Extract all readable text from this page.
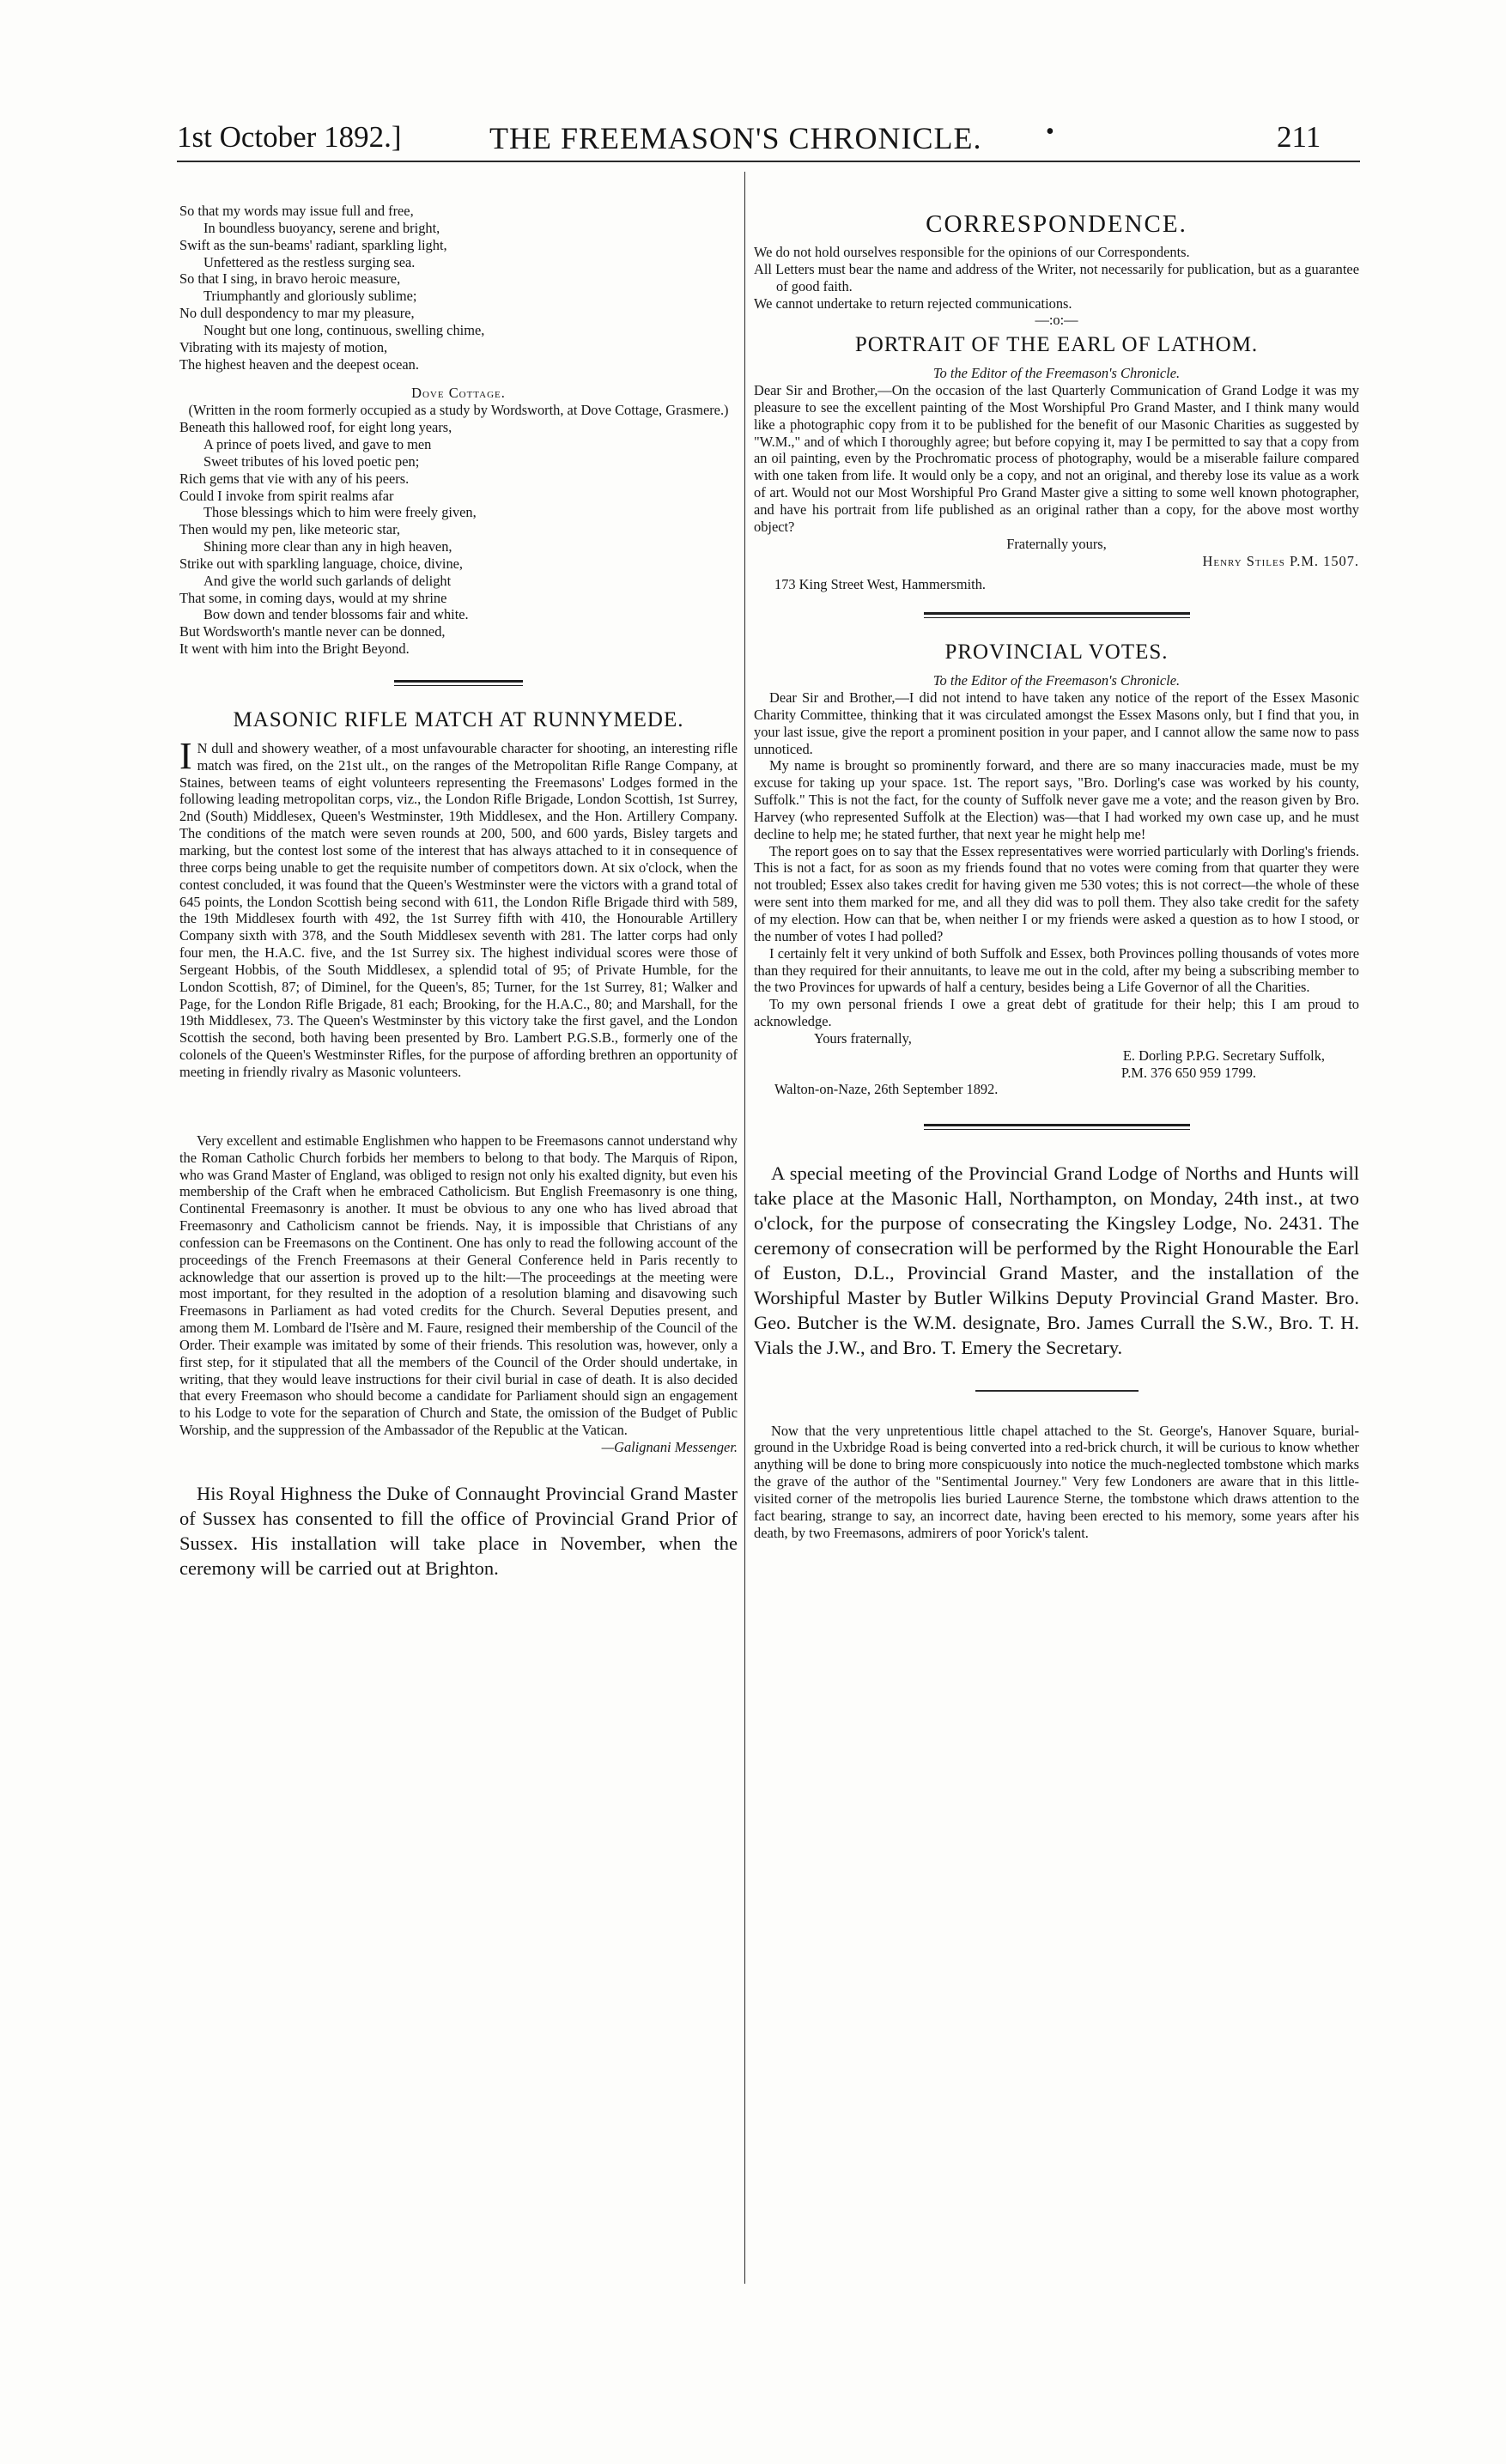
1st October 1892.]	THE FREEMASON'S CHRONICLE.	•	211

So that my words may issue full and free,

In boundless buoyancy, serene and bright,

Swift as the sun-beams' radiant, sparkling light,

Unfettered as the restless surging sea.

So that I sing, in bravo heroic measure,

Triumphantly and gloriously sublime;

No dull despondency to mar my pleasure,

Nought but one long, continuous, swelling chime,

Vibrating with its majesty of motion,

The highest heaven and the deepest ocean.

Dove Cottage.

(Written in the room formerly occupied as a study by Wordsworth, at Dove Cottage, Grasmere.)

Beneath this hallowed roof, for eight long years,

A prince of poets lived, and gave to men

Sweet tributes of his loved poetic pen;

Rich gems that vie with any of his peers.

Could I invoke from spirit realms afar

Those blessings which to him were freely given,

Then would my pen, like meteoric star,

Shining more clear than any in high heaven,

Strike out with sparkling language, choice, divine,

And give the world such garlands of delight

That some, in coming days, would at my shrine

Bow down and tender blossoms fair and white.

But Wordsworth's mantle never can be donned,

It went with him into the Bright Beyond.

MASONIC RIFLE MATCH AT RUNNYMEDE.

IN dull and showery weather, of a most unfavourable character for shooting, an interesting rifle match was fired, on the 21st ult., on the ranges of the Metropolitan Rifle Range Company, at Staines, between teams of eight volunteers representing the Freemasons' Lodges formed in the following leading metropolitan corps, viz., the London Rifle Brigade, London Scottish, 1st Surrey, 2nd (South) Middlesex, Queen's Westminster, 19th Middlesex, and the Hon. Artillery Company. The conditions of the match were seven rounds at 200, 500, and 600 yards, Bisley targets and marking, but the contest lost some of the interest that has always attached to it in consequence of three corps being unable to get the requisite number of competitors down. At six o'clock, when the contest concluded, it was found that the Queen's Westminster were the victors with a grand total of 645 points, the London Scottish being second with 611, the London Rifle Brigade third with 589, the 19th Middlesex fourth with 492, the 1st Surrey fifth with 410, the Honourable Artillery Company sixth with 378, and the South Middlesex seventh with 281. The latter corps had only four men, the H.A.C. five, and the 1st Surrey six. The highest individual scores were those of Sergeant Hobbis, of the South Middlesex, a splendid total of 95; of Private Humble, for the London Scottish, 87; of Diminel, for the Queen's, 85; Turner, for the 1st Surrey, 81; Walker and Page, for the London Rifle Brigade, 81 each; Brooking, for the H.A.C., 80; and Marshall, for the 19th Middlesex, 73. The Queen's Westminster by this victory take the first gavel, and the London Scottish the second, both having been presented by Bro. Lambert P.G.S.B., formerly one of the colonels of the Queen's Westminster Rifles, for the purpose of affording brethren an opportunity of meeting in friendly rivalry as Masonic volunteers.

Very excellent and estimable Englishmen who happen to be Freemasons cannot understand why the Roman Catholic Church forbids her members to belong to that body. The Marquis of Ripon, who was Grand Master of England, was obliged to resign not only his exalted dignity, but even his membership of the Craft when he embraced Catholicism. But English Freemasonry is one thing, Continental Freemasonry is another. It must be obvious to any one who has lived abroad that Freemasonry and Catholicism cannot be friends. Nay, it is impossible that Christians of any confession can be Freemasons on the Continent. One has only to read the following account of the proceedings of the French Freemasons at their General Conference held in Paris recently to acknowledge that our assertion is proved up to the hilt:—The proceedings at the meeting were most important, for they resulted in the adoption of a resolution blaming and disavowing such Freemasons in Parliament as had voted credits for the Church. Several Deputies present, and among them M. Lombard de l'Isère and M. Faure, resigned their membership of the Council of the Order. Their example was imitated by some of their friends. This resolution was, however, only a first step, for it stipulated that all the members of the Council of the Order should undertake, in writing, that they would leave instructions for their civil burial in case of death. It is also decided that every Freemason who should become a candidate for Parliament should sign an engagement to his Lodge to vote for the separation of Church and State, the omission of the Budget of Public Worship, and the suppression of the Ambassador of the Republic at the Vatican.

—Galignani Messenger.

His Royal Highness the Duke of Connaught Provincial Grand Master of Sussex has consented to fill the office of Provincial Grand Prior of Sussex. His installation will take place in November, when the ceremony will be carried out at Brighton.

CORRESPONDENCE.

We do not hold ourselves responsible for the opinions of our Correspondents.

All Letters must bear the name and address of the Writer, not necessarily for publication, but as a guarantee of good faith.

We cannot undertake to return rejected communications.

—:o:—

PORTRAIT OF THE EARL OF LATHOM.

To the Editor of the Freemason's Chronicle.

Dear Sir and Brother,—On the occasion of the last Quarterly Communication of Grand Lodge it was my pleasure to see the excellent painting of the Most Worshipful Pro Grand Master, and I think many would like a photographic copy from it to be published for the benefit of our Masonic Charities as suggested by "W.M.," and of which I thoroughly agree; but before copying it, may I be permitted to say that a copy from an oil painting, even by the Prochromatic process of photography, would be a miserable failure compared with one taken from life. It would only be a copy, and not an original, and thereby lose its value as a work of art. Would not our Most Worshipful Pro Grand Master give a sitting to some well known photographer, and have his portrait from life published as an original rather than a copy, for the above most worthy object?

Fraternally yours,

Henry Stiles P.M. 1507.

173 King Street West, Hammersmith.

PROVINCIAL VOTES.

To the Editor of the Freemason's Chronicle.

Dear Sir and Brother,—I did not intend to have taken any notice of the report of the Essex Masonic Charity Committee, thinking that it was circulated amongst the Essex Masons only, but I find that you, in your last issue, give the report a prominent position in your paper, and I cannot allow the same now to pass unnoticed.

My name is brought so prominently forward, and there are so many inaccuracies made, must be my excuse for taking up your space. 1st. The report says, "Bro. Dorling's case was worked by his county, Suffolk." This is not the fact, for the county of Suffolk never gave me a vote; and the reason given by Bro. Harvey (who represented Suffolk at the Election) was—that I had worked my own case up, and he must decline to help me; he stated further, that next year he might help me!

The report goes on to say that the Essex representatives were worried particularly with Dorling's friends. This is not a fact, for as soon as my friends found that no votes were coming from that quarter they were not troubled; Essex also takes credit for having given me 530 votes; this is not correct—the whole of these were sent into them marked for me, and all they did was to poll them. They also take credit for the safety of my election. How can that be, when neither I or my friends were asked a question as to how I stood, or the number of votes I had polled?

I certainly felt it very unkind of both Suffolk and Essex, both Provinces polling thousands of votes more than they required for their annuitants, to leave me out in the cold, after my being a subscribing member to the two Provinces for upwards of half a century, besides being a Life Governor of all the Charities.

To my own personal friends I owe a great debt of gratitude for their help; this I am proud to acknowledge.

Yours fraternally,

E. Dorling P.P.G. Secretary Suffolk,

P.M. 376 650 959 1799.

Walton-on-Naze, 26th September 1892.

A special meeting of the Provincial Grand Lodge of Norths and Hunts will take place at the Masonic Hall, Northampton, on Monday, 24th inst., at two o'clock, for the purpose of consecrating the Kingsley Lodge, No. 2431. The ceremony of consecration will be performed by the Right Honourable the Earl of Euston, D.L., Provincial Grand Master, and the installation of the Worshipful Master by Butler Wilkins Deputy Provincial Grand Master. Bro. Geo. Butcher is the W.M. designate, Bro. James Currall the S.W., Bro. T. H. Vials the J.W., and Bro. T. Emery the Secretary.

Now that the very unpretentious little chapel attached to the St. George's, Hanover Square, burial-ground in the Uxbridge Road is being converted into a red-brick church, it will be curious to know whether anything will be done to bring more conspicuously into notice the much-neglected tombstone which marks the grave of the author of the "Sentimental Journey." Very few Londoners are aware that in this little-visited corner of the metropolis lies buried Laurence Sterne, the tombstone which draws attention to the fact bearing, strange to say, an incorrect date, having been erected to his memory, some years after his death, by two Freemasons, admirers of poor Yorick's talent.
